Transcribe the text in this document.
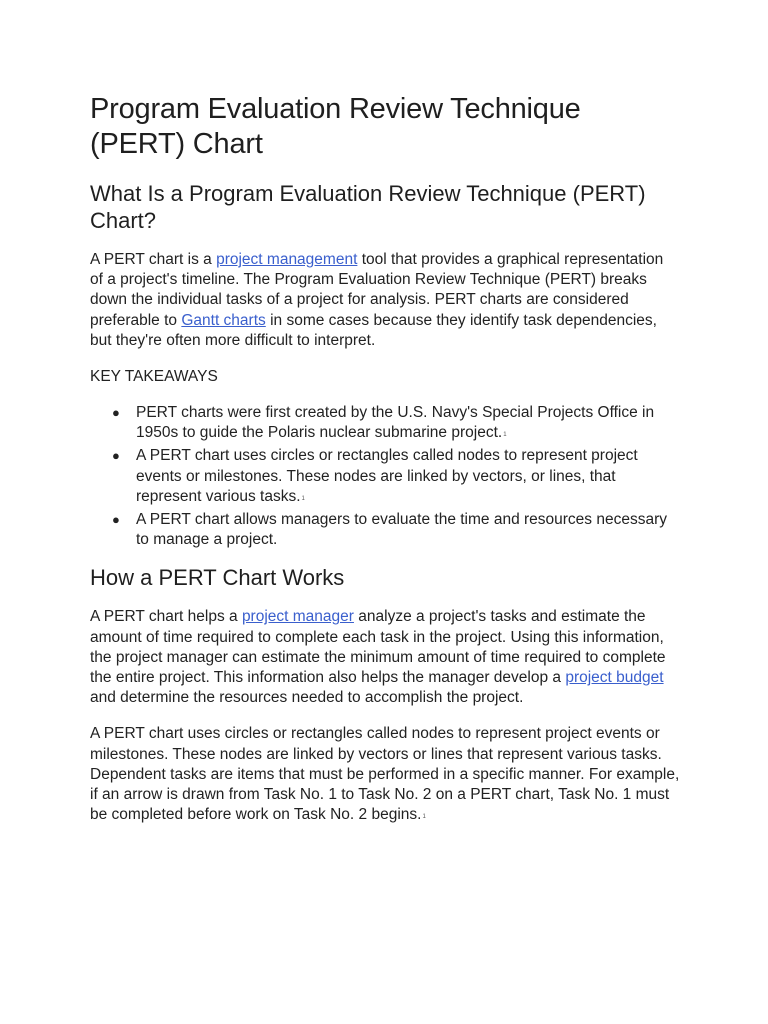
Program Evaluation Review Technique (PERT) Chart
What Is a Program Evaluation Review Technique (PERT) Chart?

A PERT chart is a project management tool that provides a graphical representation of a project's timeline. The Program Evaluation Review Technique (PERT) breaks down the individual tasks of a project for analysis. PERT charts are considered preferable to Gantt charts in some cases because they identify task dependencies, but they're often more difficult to interpret.

KEY TAKEAWAYS
● PERT charts were first created by the U.S. Navy's Special Projects Office in 1950s to guide the Polaris nuclear submarine project.$^1$
● A PERT chart uses circles or rectangles called nodes to represent project events or milestones. These nodes are linked by vectors, or lines, that represent various tasks.$^1$
● A PERT chart allows managers to evaluate the time and resources necessary to manage a project.
How a PERT Chart Works

A PERT chart helps a project manager analyze a project's tasks and estimate the amount of time required to complete each task in the project. Using this information, the project manager can estimate the minimum amount of time required to complete the entire project. This information also helps the manager develop a project budget and determine the resources needed to accomplish the project.

A PERT chart uses circles or rectangles called nodes to represent project events or milestones. These nodes are linked by vectors or lines that represent various tasks. Dependent tasks are items that must be performed in a specific manner. For example, if an arrow is drawn from Task No. 1 to Task No. 2 on a PERT chart, Task No. 1 must be completed before work on Task No. 2 begins.$^1$
